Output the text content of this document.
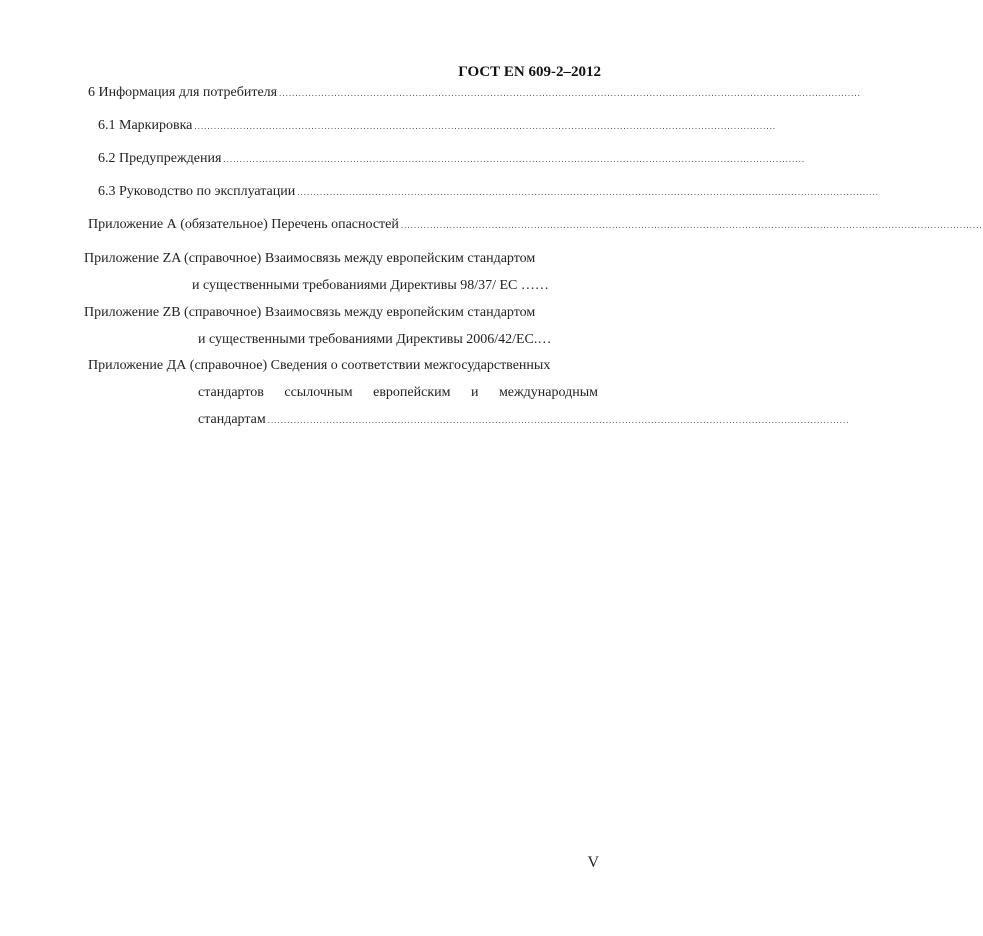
ГОСТ EN 609-2–2012
6 Информация для потребителя ...................................................................................................................................................................................
6.1 Маркировка ...................................................................................................................................................................................
6.2 Предупреждения ...................................................................................................................................................................................
6.3 Руководство по эксплуатации ...................................................................................................................................................................................
Приложение А (обязательное) Перечень опасностей ...................................................................................................................................................................................
Приложение ZA (справочное) Взаимосвязь между европейским стандартом
и существенными требованиями Директивы 98/37/ ЕС ……
Приложение ZB (справочное) Взаимосвязь между европейским стандартом
и существенными требованиями Директивы 2006/42/ЕС.…
Приложение ДА (справочное) Сведения о соответствии межгосударственных
стандартов ссылочным европейским и международным
стандартам ...................................................................................................................................................................................
V
